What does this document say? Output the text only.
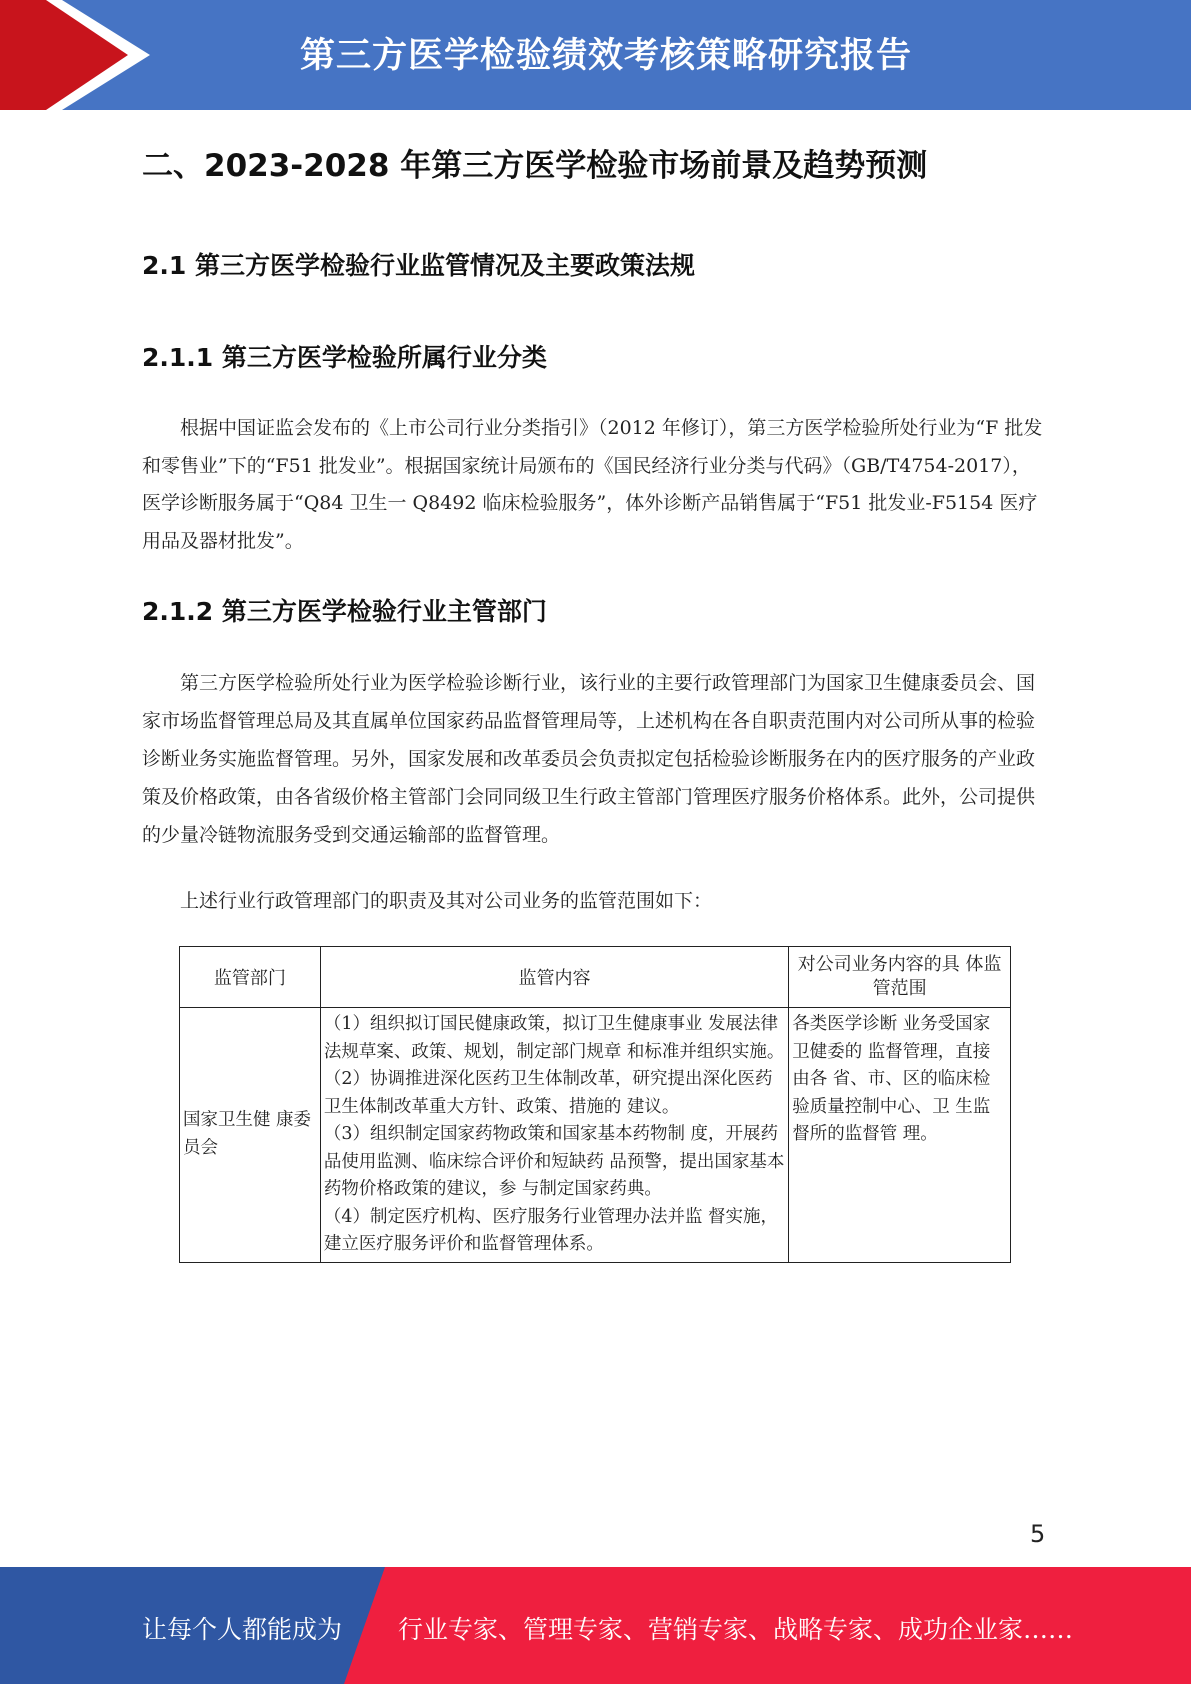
第三方医学检验绩效考核策略研究报告
二、2023-2028 年第三方医学检验市场前景及趋势预测
2.1 第三方医学检验行业监管情况及主要政策法规
2.1.1 第三方医学检验所属行业分类

根据中国证监会发布的《上市公司行业分类指引》（2012 年修订），第三方医学检验所处行业为“F 批发和零售业”下的“F51 批发业”。根据国家统计局颁布的《国民经济行业分类与代码》（GB/T4754-2017），医学诊断服务属于“Q84 卫生一 Q8492 临床检验服务”，体外诊断产品销售属于“F51 批发业-F5154 医疗用品及器材批发”。

2.1.2 第三方医学检验行业主管部门

第三方医学检验所处行业为医学检验诊断行业，该行业的主要行政管理部门为国家卫生健康委员会、国家市场监督管理总局及其直属单位国家药品监督管理局等，上述机构在各自职责范围内对公司所从事的检验诊断业务实施监督管理。另外，国家发展和改革委员会负责拟定包括检验诊断服务在内的医疗服务的产业政策及价格政策，由各省级价格主管部门会同同级卫生行政主管部门管理医疗服务价格体系。此外，公司提供的少量冷链物流服务受到交通运输部的监督管理。

上述行业行政管理部门的职责及其对公司业务的监管范围如下：

监管部门	监管内容	对公司业务内容的具 体监管范围
国家卫生健 康委员会	（1）组织拟订国民健康政策，拟订卫生健康事业 发展法律法规草案、政策、规划，制定部门规章 和标准并组织实施。
（2）协调推进深化医药卫生体制改革，研究提出深化医药卫生体制改革重大方针、政策、措施的 建议。
（3）组织制定国家药物政策和国家基本药物制 度，开展药品使用监测、临床综合评价和短缺药 品预警，提出国家基本药物价格政策的建议，参 与制定国家药典。
（4）制定医疗机构、医疗服务行业管理办法并监 督实施，建立医疗服务评价和监督管理体系。	各类医学诊断 业务受国家卫健委的 监督管理，直接由各 省、市、区的临床检验质量控制中心、卫 生监督所的监督管 理。
5
让每个人都能成为 行业专家、管理专家、营销专家、战略专家、成功企业家……
